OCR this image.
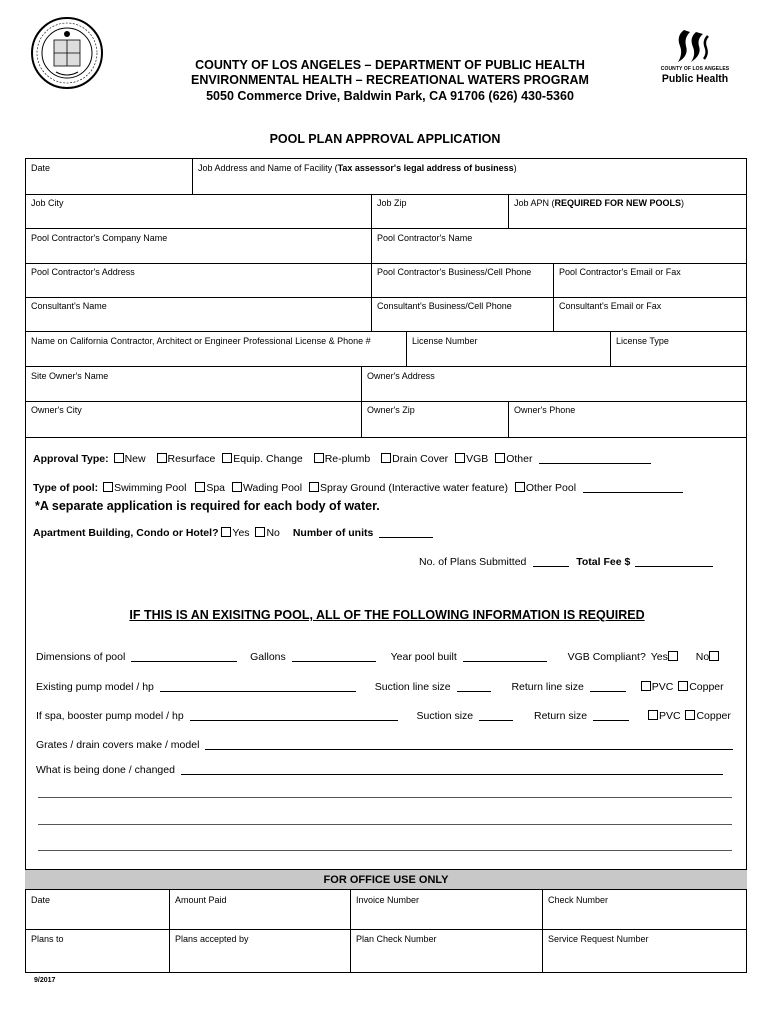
COUNTY OF LOS ANGELES
Public Health
COUNTY OF LOS ANGELES – DEPARTMENT OF PUBLIC HEALTH
ENVIRONMENTAL HEALTH – RECREATIONAL WATERS PROGRAM
5050 Commerce Drive, Baldwin Park, CA 91706 (626) 430-5360
POOL PLAN APPROVAL APPLICATION
Date	Job Address and Name of Facility (Tax assessor's legal address of business)
Job City	Job Zip	Job APN (REQUIRED FOR NEW POOLS)
Pool Contractor's Company Name	Pool Contractor's Name
Pool Contractor's Address	Pool Contractor's Business/Cell Phone	Pool Contractor's Email or Fax
Consultant's Name	Consultant's Business/Cell Phone	Consultant's Email or Fax
Name on California Contractor, Architect or Engineer Professional License & Phone #	License Number	License Type
Site Owner's Name	Owner's Address
Owner's City	Owner's Zip	Owner's Phone
Approval Type: New Resurface Equip. Change Re-plumb Drain Cover VGB Other
Type of pool: Swimming Pool Spa Wading Pool Spray Ground (Interactive water feature) Other Pool
*A separate application is required for each body of water.
Apartment Building, Condo or Hotel? Yes No Number of units
No. of Plans Submitted	Total Fee $
IF THIS IS AN EXISITNG POOL, ALL OF THE FOLLOWING INFORMATION IS REQUIRED
Dimensions of pool	Gallons	Year pool built	VGB Compliant? Yes	No
Existing pump model / hp	Suction line size	Return line size	PVC Copper
If spa, booster pump model / hp	Suction size	Return size	PVC Copper
Grates / drain covers make / model
What is being done / changed
FOR OFFICE USE ONLY
Date	Amount Paid	Invoice Number	Check Number
Plans to	Plans accepted by	Plan Check Number	Service Request Number
9/2017
